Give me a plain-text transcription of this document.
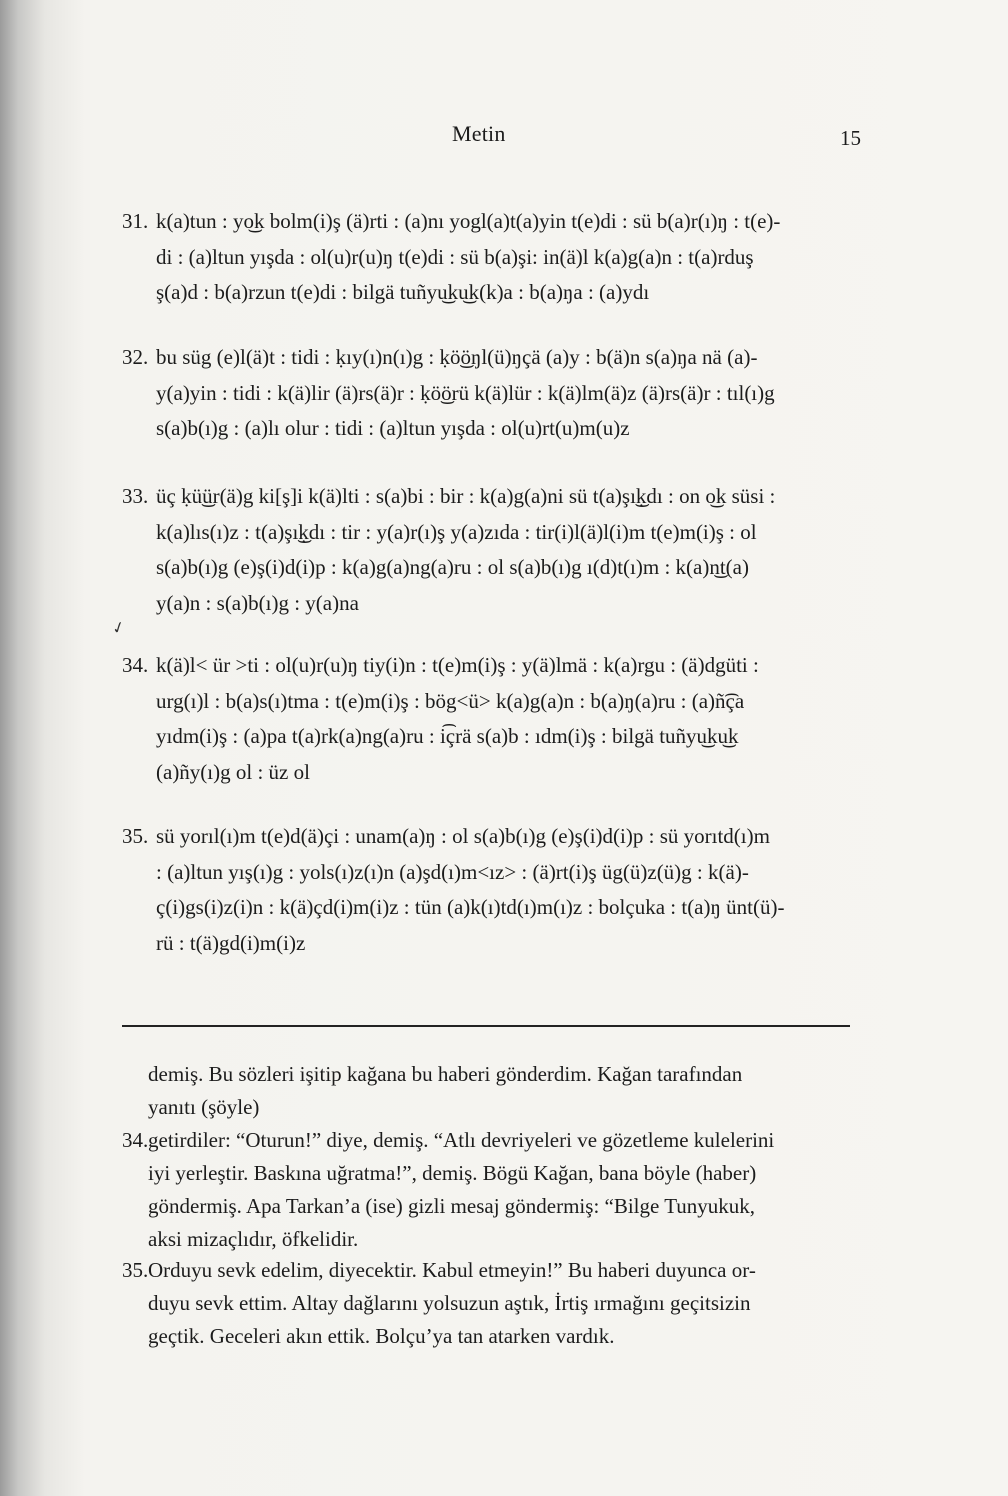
Metin	15
31. k(a)tun : yo͜k bolm(i)ş (ä)rti : (a)nı yogl(a)t(a)yin t(e)di : sü b(a)r(ı)ŋ : t(e)-
di : (a)ltun yışda : ol(u)r(u)ŋ t(e)di : sü b(a)şi: in(ä)l k(a)g(a)n : t(a)rduş
ş(a)d : b(a)rzun t(e)di : bilgä tuñyu͜ku͜k(k)a : b(a)ŋa : (a)ydı
32. bu süg (e)l(ä)t : tidi : ḳıy(ı)n(ı)g : ḳö͜öŋl(ü)ŋçä (a)y : b(ä)n s(a)ŋa nä (a)-
y(a)yin : tidi : k(ä)lir (ä)rs(ä)r : ḳö͜örü k(ä)lür : k(ä)lm(ä)z (ä)rs(ä)r : tıl(ı)g
s(a)b(ı)g : (a)lı olur : tidi : (a)ltun yışda : ol(u)rt(u)m(u)z
33. üç ḳü͜ür(ä)g ki[ş]i k(ä)lti : s(a)bi : bir : k(a)g(a)ni sü t(a)şı͜ḳdı : on o͜k süsi :
k(a)lıs(ı)z : t(a)şı͜ḳdı : tir : y(a)r(ı)ş y(a)zıda : tir(i)l(ä)l(i)m t(e)m(i)ş : ol
s(a)b(ı)g (e)ş(i)d(i)p : k(a)g(a)ng(a)ru : ol s(a)b(ı)g ı(d)t(ı)m : k(a)n͜t(a)
y(a)n : s(a)b(ı)g : y(a)na
✓
34. k(ä)l< ür >ti : ol(u)r(u)ŋ tiy(i)n : t(e)m(i)ş : y(ä)lmä : k(a)rgu : (ä)dgüti :
urg(ı)l : b(a)s(ı)tma : t(e)m(i)ş : bög<ü> k(a)g(a)n : b(a)ŋ(a)ru : (a)ñ͡ça
yıdm(i)ş : (a)pa t(a)rk(a)ng(a)ru : i͡çrä s(a)b : ıdm(i)ş : bilgä tuñyu͜ku͜k
(a)ñy(ı)g ol : üz ol
35. sü yorıl(ı)m t(e)d(ä)çi : unam(a)ŋ : ol s(a)b(ı)g (e)ş(i)d(i)p : sü yorıtd(ı)m
: (a)ltun yış(ı)g : yols(ı)z(ı)n (a)şd(ı)m<ız> : (ä)rt(i)ş üg(ü)z(ü)g : k(ä)-
ç(i)gs(i)z(i)n : k(ä)çd(i)m(i)z : tün (a)k(ı)td(ı)m(ı)z : bolçuka : t(a)ŋ ünt(ü)-
rü : t(ä)gd(i)m(i)z
demiş. Bu sözleri işitip kağana bu haberi gönderdim. Kağan tarafından
yanıtı (şöyle)
34. getirdiler: “Oturun!” diye, demiş. “Atlı devriyeleri ve gözetleme kulelerini
iyi yerleştir. Baskına uğratma!”, demiş. Bögü Kağan, bana böyle (haber)
göndermiş. Apa Tarkan’a (ise) gizli mesaj göndermiş: “Bilge Tunyukuk,
aksi mizaçlıdır, öfkelidir.
35. Orduyu sevk edelim, diyecektir. Kabul etmeyin!” Bu haberi duyunca or-
duyu sevk ettim. Altay dağlarını yolsuzun aştık, İrtiş ırmağını geçitsizin
geçtik. Geceleri akın ettik. Bolçu’ya tan atarken vardık.
